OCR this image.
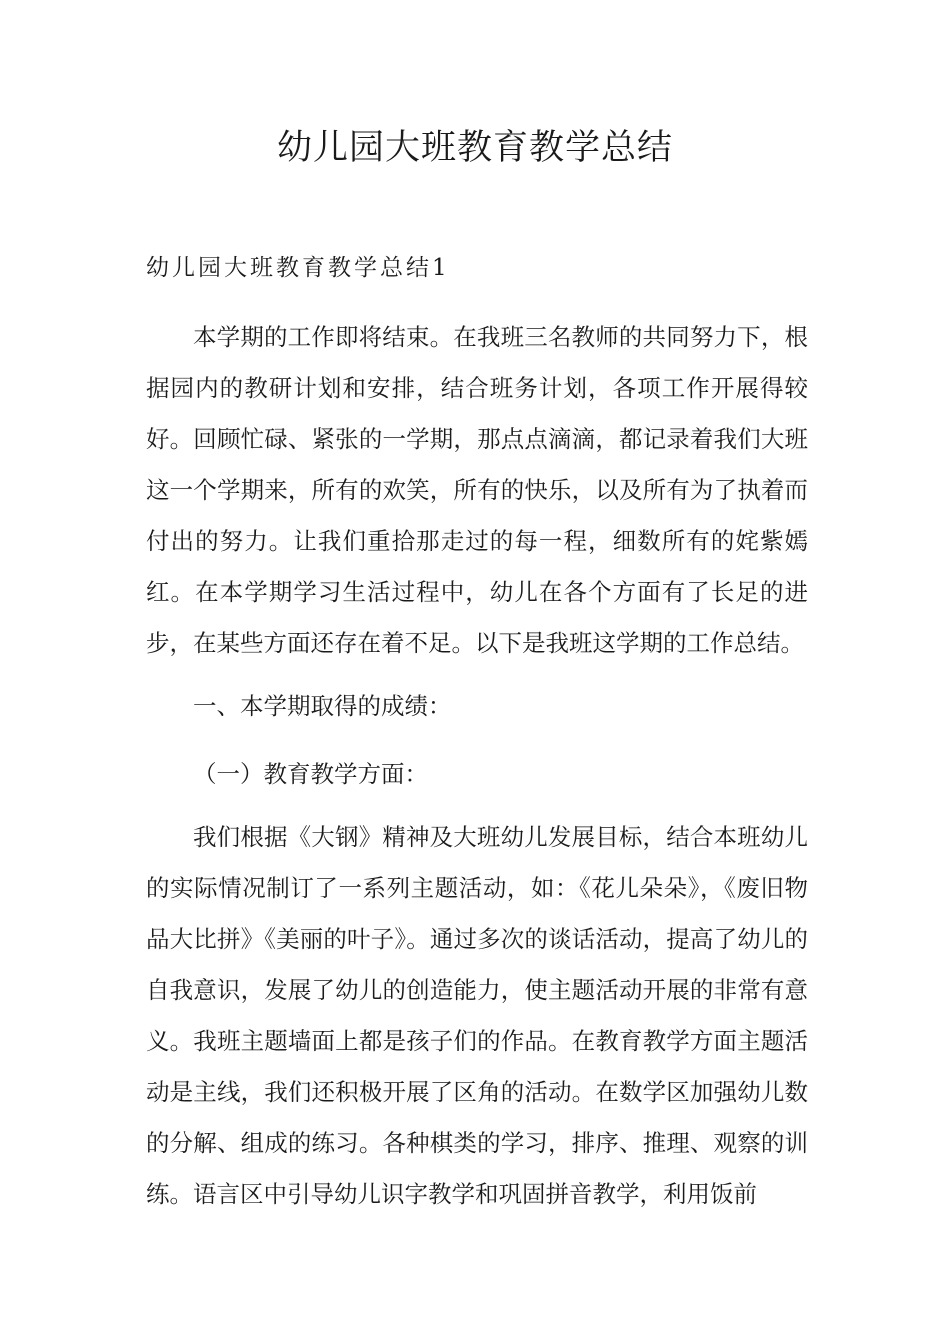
幼儿园大班教育教学总结
幼儿园大班教育教学总结1

本学期的工作即将结束。在我班三名教师的共同努力下，根据园内的教研计划和安排，结合班务计划，各项工作开展得较好。回顾忙碌、紧张的一学期，那点点滴滴，都记录着我们大班这一个学期来，所有的欢笑，所有的快乐，以及所有为了执着而付出的努力。让我们重拾那走过的每一程，细数所有的姹紫嫣红。在本学期学习生活过程中，幼儿在各个方面有了长足的进步，在某些方面还存在着不足。以下是我班这学期的工作总结。

一、本学期取得的成绩：

（一）教育教学方面：

我们根据《大钢》精神及大班幼儿发展目标，结合本班幼儿的实际情况制订了一系列主题活动，如：《花儿朵朵》，《废旧物品大比拼》《美丽的叶子》。通过多次的谈话活动，提高了幼儿的自我意识，发展了幼儿的创造能力，使主题活动开展的非常有意义。我班主题墙面上都是孩子们的作品。在教育教学方面主题活动是主线，我们还积极开展了区角的活动。在数学区加强幼儿数的分解、组成的练习。各种棋类的学习，排序、推理、观察的训练。语言区中引导幼儿识字教学和巩固拼音教学，利用饭前
